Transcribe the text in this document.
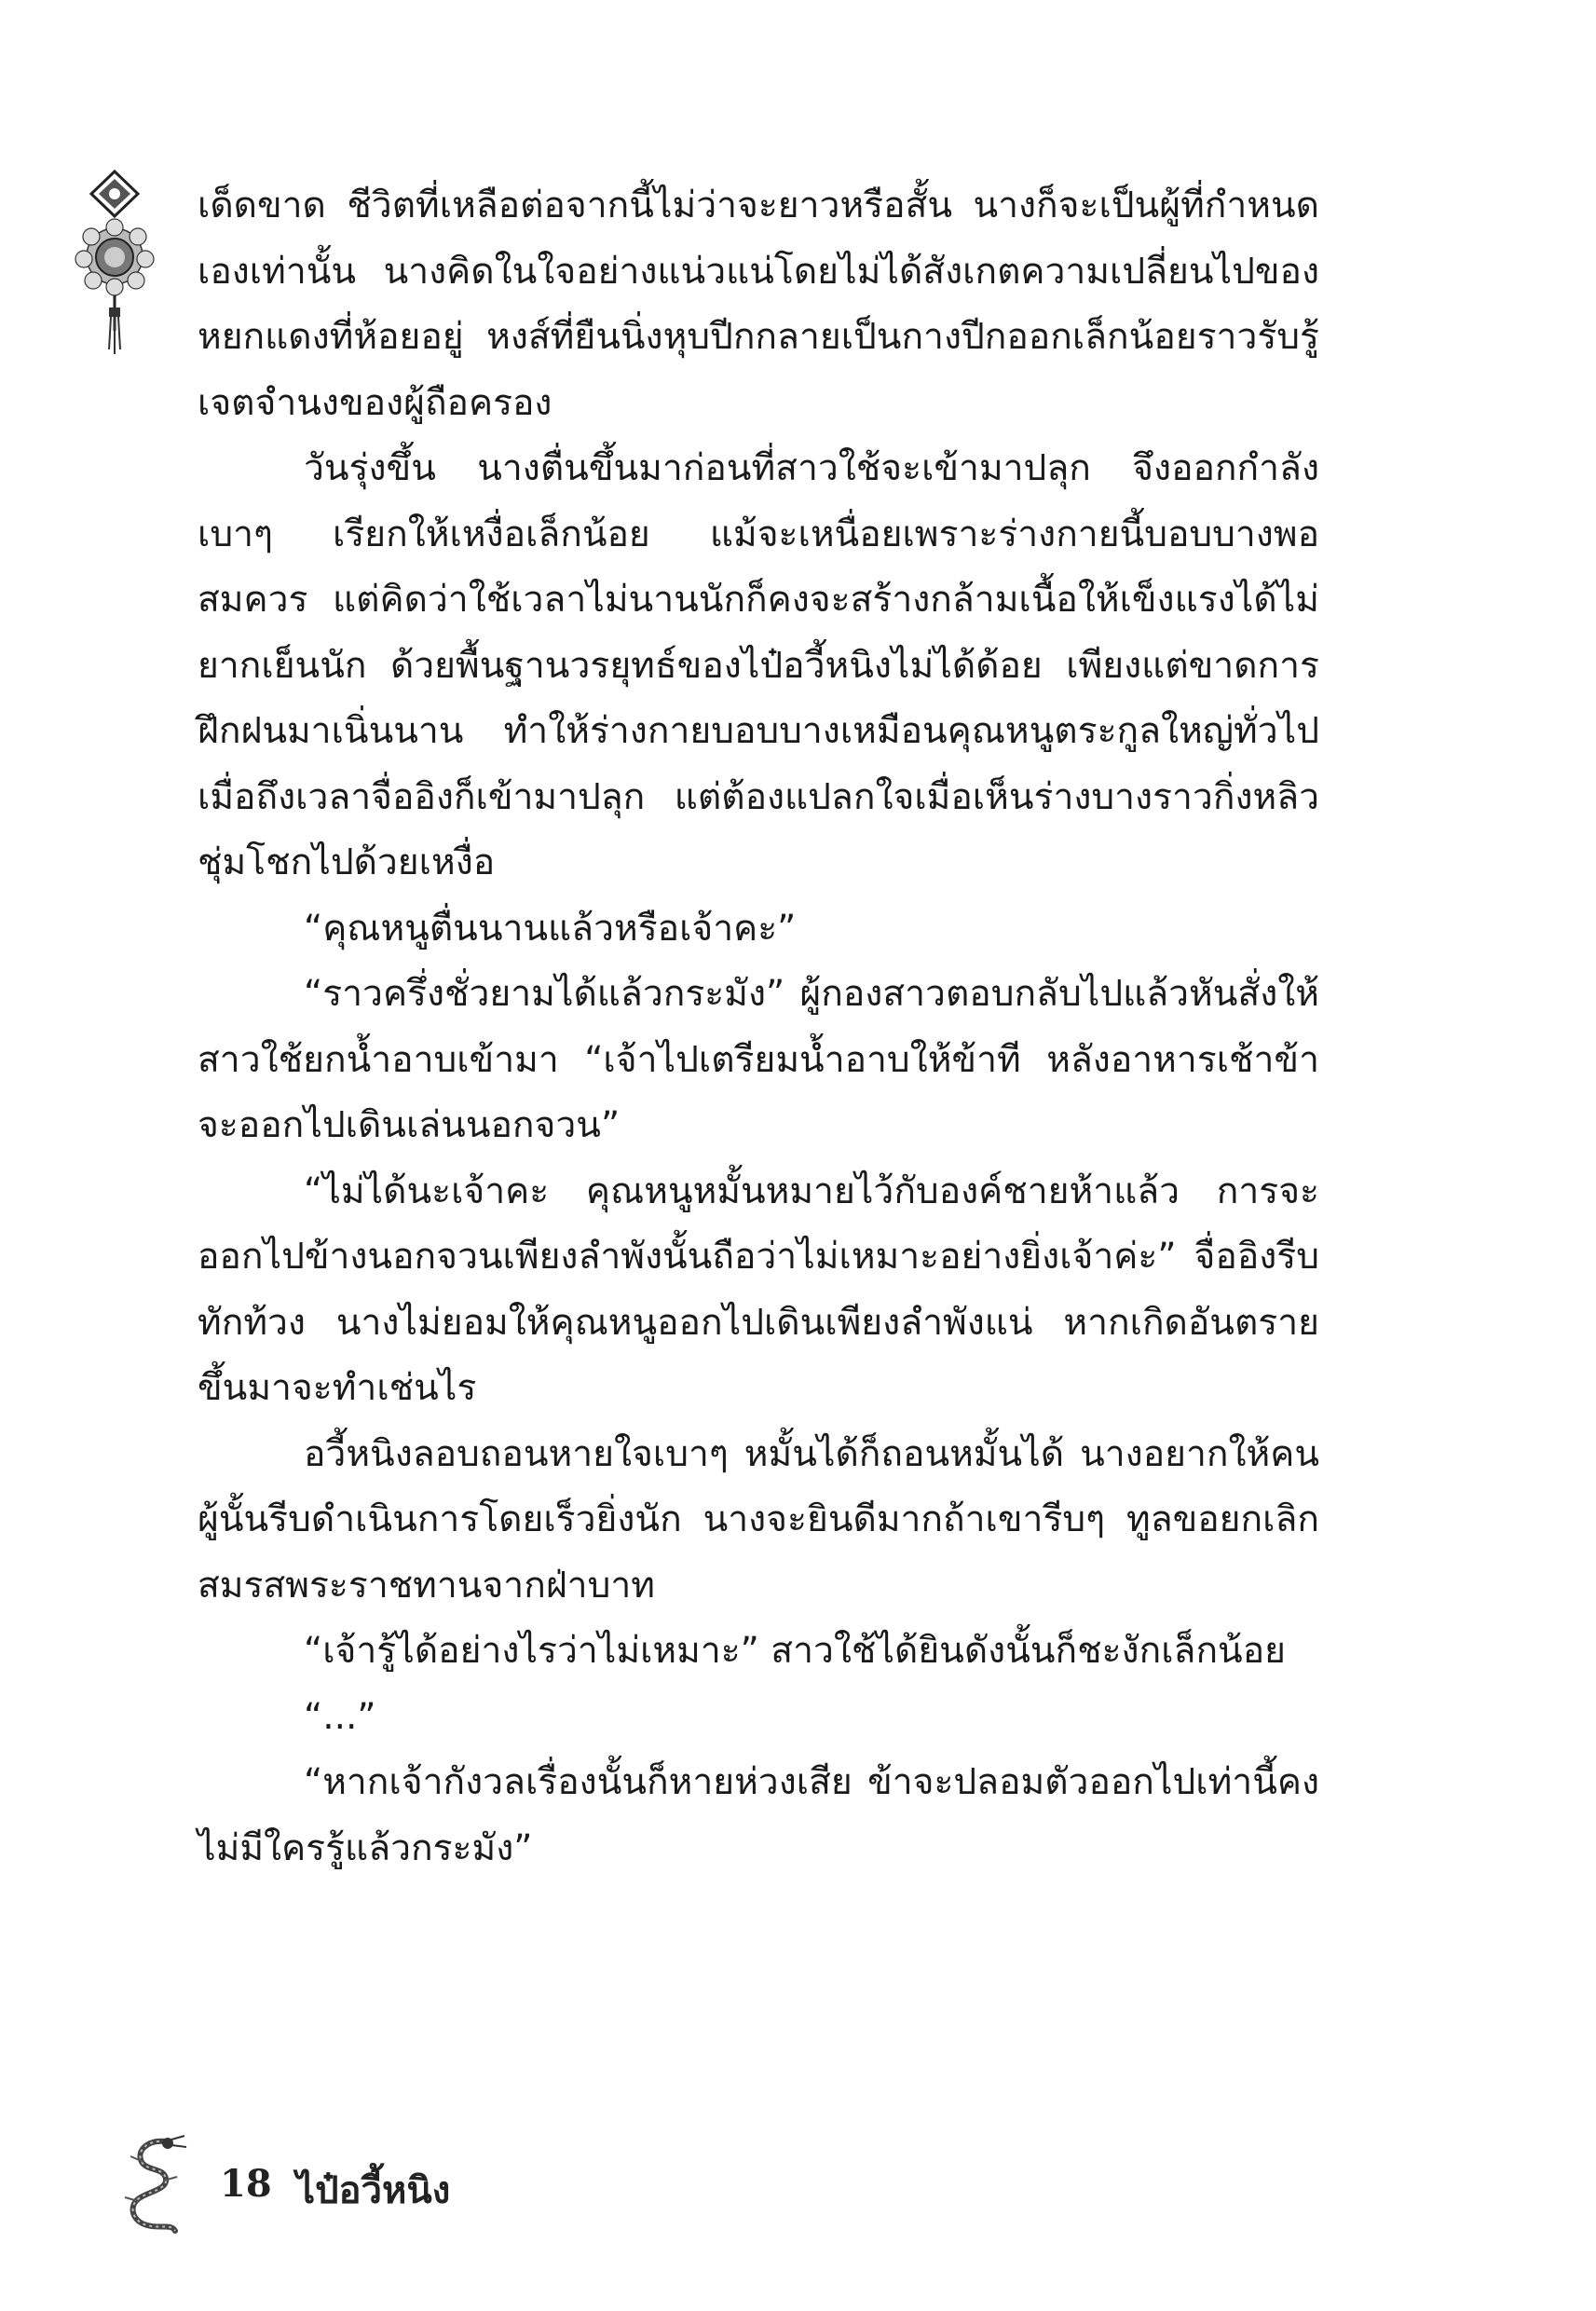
เด็ดขาด ชีวิตที่เหลือต่อจากนี้ไม่ว่าจะยาวหรือสั้น นางก็จะเป็นผู้ที่กำหนดเองเท่านั้น นางคิดในใจอย่างแน่วแน่โดยไม่ได้สังเกตความเปลี่ยนไปของหยกแดงที่ห้อยอยู่ หงส์ที่ยืนนิ่งหุบปีกกลายเป็นกางปีกออกเล็กน้อยราวรับรู้เจตจำนงของผู้ถือครอง

วันรุ่งขึ้น นางตื่นขึ้นมาก่อนที่สาวใช้จะเข้ามาปลุก จึงออกกำลังเบาๆ เรียกให้เหงื่อเล็กน้อย แม้จะเหนื่อยเพราะร่างกายนี้บอบบางพอสมควร แต่คิดว่าใช้เวลาไม่นานนักก็คงจะสร้างกล้ามเนื้อให้เข็งแรงได้ไม่ยากเย็นนัก ด้วยพื้นฐานวรยุทธ์ของไป๋อวี้หนิงไม่ได้ด้อย เพียงแต่ขาดการฝึกฝนมาเนิ่นนาน ทำให้ร่างกายบอบบางเหมือนคุณหนูตระกูลใหญ่ทั่วไป เมื่อถึงเวลาจื่ออิงก็เข้ามาปลุก แต่ต้องแปลกใจเมื่อเห็นร่างบางราวกิ่งหลิวชุ่มโชกไปด้วยเหงื่อ

“คุณหนูตื่นนานแล้วหรือเจ้าคะ”

“ราวครึ่งชั่วยามได้แล้วกระมัง” ผู้กองสาวตอบกลับไปแล้วหันสั่งให้สาวใช้ยกน้ำอาบเข้ามา “เจ้าไปเตรียมน้ำอาบให้ข้าที หลังอาหารเช้าข้าจะออกไปเดินเล่นนอกจวน”

“ไม่ได้นะเจ้าคะ คุณหนูหมั้นหมายไว้กับองค์ชายห้าแล้ว การจะออกไปข้างนอกจวนเพียงลำพังนั้นถือว่าไม่เหมาะอย่างยิ่งเจ้าค่ะ” จื่ออิงรีบทักท้วง นางไม่ยอมให้คุณหนูออกไปเดินเพียงลำพังแน่ หากเกิดอันตรายขึ้นมาจะทำเช่นไร

อวี้หนิงลอบถอนหายใจเบาๆ หมั้นได้ก็ถอนหมั้นได้ นางอยากให้คนผู้นั้นรีบดำเนินการโดยเร็วยิ่งนัก นางจะยินดีมากถ้าเขารีบๆ ทูลขอยกเลิกสมรสพระราชทานจากฝ่าบาท

“เจ้ารู้ได้อย่างไรว่าไม่เหมาะ” สาวใช้ได้ยินดังนั้นก็ชะงักเล็กน้อย

“...”

“หากเจ้ากังวลเรื่องนั้นก็หายห่วงเสีย ข้าจะปลอมตัวออกไปเท่านี้คงไม่มีใครรู้แล้วกระมัง”

18 ไป๋อวี้หนิง
